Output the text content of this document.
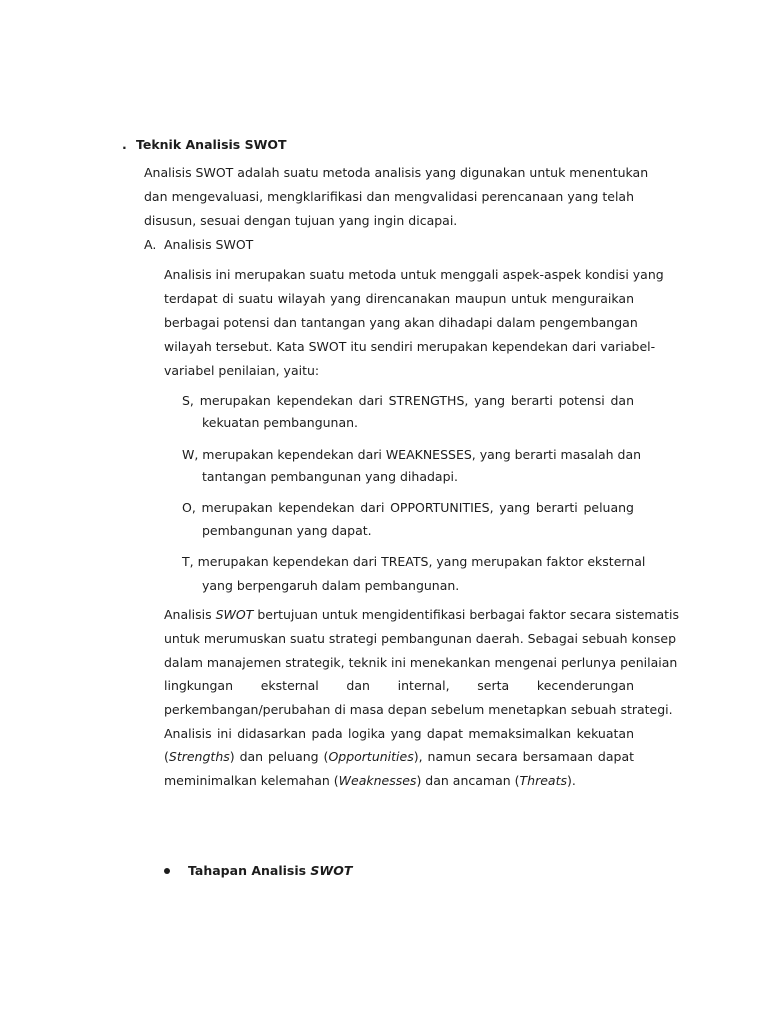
. Teknik Analisis SWOT
Analisis SWOT adalah suatu metoda analisis yang digunakan untuk menentukan
dan mengevaluasi, mengklarifikasi dan mengvalidasi perencanaan yang telah
disusun, sesuai dengan tujuan yang ingin dicapai.
A. Analisis SWOT
Analisis ini merupakan suatu metoda untuk menggali aspek-aspek kondisi yang
terdapat di suatu wilayah yang direncanakan maupun untuk menguraikan
berbagai potensi dan tantangan yang akan dihadapi dalam pengembangan
wilayah tersebut. Kata SWOT itu sendiri merupakan kependekan dari variabel-
variabel penilaian, yaitu:
S, merupakan kependekan dari STRENGTHS, yang berarti potensi dan
kekuatan pembangunan.
W, merupakan kependekan dari WEAKNESSES, yang berarti masalah dan
tantangan pembangunan yang dihadapi.
O, merupakan kependekan dari OPPORTUNITIES, yang berarti peluang
pembangunan yang dapat.
T, merupakan kependekan dari TREATS, yang merupakan faktor eksternal
yang berpengaruh dalam pembangunan.
Analisis SWOT bertujuan untuk mengidentifikasi berbagai faktor secara sistematis
untuk merumuskan suatu strategi pembangunan daerah. Sebagai sebuah konsep
dalam manajemen strategik, teknik ini menekankan mengenai perlunya penilaian
lingkungan eksternal dan internal, serta kecenderungan
perkembangan/perubahan di masa depan sebelum menetapkan sebuah strategi.
Analisis ini didasarkan pada logika yang dapat memaksimalkan kekuatan
(Strengths) dan peluang (Opportunities), namun secara bersamaan dapat
meminimalkan kelemahan (Weaknesses) dan ancaman (Threats).
Tahapan Analisis SWOT
